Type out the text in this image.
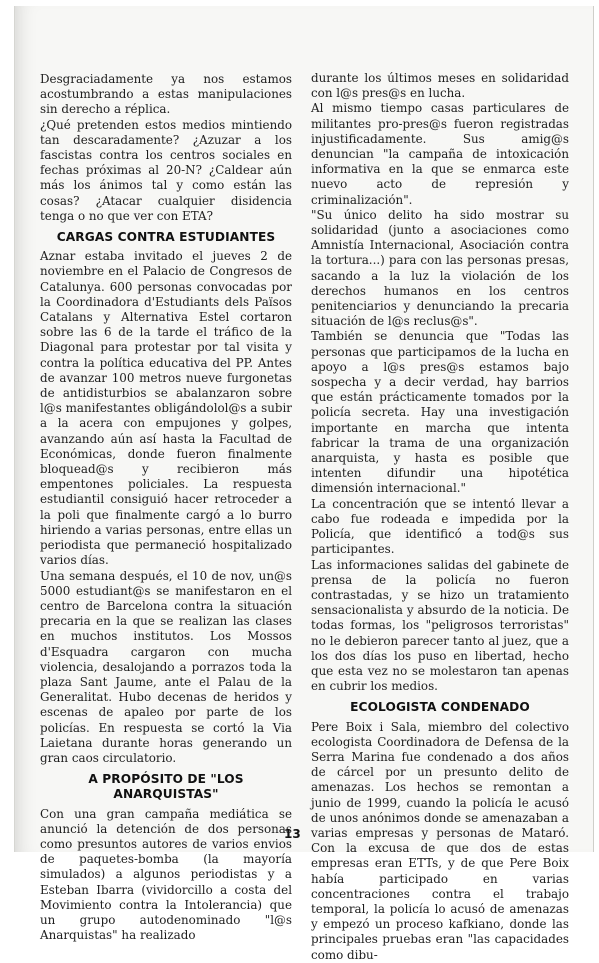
Desgraciadamente ya nos estamos acostumbrando a estas manipulaciones sin derecho a réplica.

¿Qué pretenden estos medios mintiendo tan descaradamente? ¿Azuzar a los fascistas contra los centros sociales en fechas próximas al 20-N? ¿Caldear aún más los ánimos tal y como están las cosas? ¿Atacar cualquier disidencia tenga o no que ver con ETA?

CARGAS CONTRA ESTUDIANTES

Aznar estaba invitado el jueves 2 de noviembre en el Palacio de Congresos de Catalunya. 600 personas convocadas por la Coordinadora d'Estudiants dels Països Catalans y Alternativa Estel cortaron sobre las 6 de la tarde el tráfico de la Diagonal para protestar por tal visita y contra la política educativa del PP. Antes de avanzar 100 metros nueve furgonetas de antidisturbios se abalanzaron sobre l@s manifestantes obligándolol@s a subir a la acera con empujones y golpes, avanzando aún así hasta la Facultad de Económicas, donde fueron finalmente bloquead@s y recibieron más empentones policiales. La respuesta estudiantil consiguió hacer retroceder a la poli que finalmente cargó a lo burro hiriendo a varias personas, entre ellas un periodista que permaneció hospitalizado varios días.

Una semana después, el 10 de nov, un@s 5000 estudiant@s se manifestaron en el centro de Barcelona contra la situación precaria en la que se realizan las clases en muchos institutos. Los Mossos d'Esquadra cargaron con mucha violencia, desalojando a porrazos toda la plaza Sant Jaume, ante el Palau de la Generalitat. Hubo decenas de heridos y escenas de apaleo por parte de los policías. En respuesta se cortó la Via Laietana durante horas generando un gran caos circulatorio.

A PROPÓSITO DE "LOS ANARQUISTAS"

Con una gran campaña mediática se anunció la detención de dos personas como presuntos autores de varios envios de paquetes-bomba (la mayoría simulados) a algunos periodistas y a Esteban Ibarra (vividorcillo a costa del Movimiento contra la Intolerancia) que un grupo autodenominado "l@s Anarquistas" ha realizado

durante los últimos meses en solidaridad con l@s pres@s en lucha.

Al mismo tiempo casas particulares de militantes pro-pres@s fueron registradas injustificadamente. Sus amig@s denuncian "la campaña de intoxicación informativa en la que se enmarca este nuevo acto de represión y criminalización".

"Su único delito ha sido mostrar su solidaridad (junto a asociaciones como Amnistía Internacional, Asociación contra la tortura...) para con las personas presas, sacando a la luz la violación de los derechos humanos en los centros penitenciarios y denunciando la precaria situación de l@s reclus@s".

También se denuncia que "Todas las personas que participamos de la lucha en apoyo a l@s pres@s estamos bajo sospecha y a decir verdad, hay barrios que están prácticamente tomados por la policía secreta. Hay una investigación importante en marcha que intenta fabricar la trama de una organización anarquista, y hasta es posible que intenten difundir una hipotética dimensión internacional."

La concentración que se intentó llevar a cabo fue rodeada e impedida por la Policía, que identificó a tod@s sus participantes.

Las informaciones salidas del gabinete de prensa de la policía no fueron contrastadas, y se hizo un tratamiento sensacionalista y absurdo de la noticia. De todas formas, los "peligrosos terroristas" no le debieron parecer tanto al juez, que a los dos días los puso en libertad, hecho que esta vez no se molestaron tan apenas en cubrir los medios.

ECOLOGISTA CONDENADO

Pere Boix i Sala, miembro del colectivo ecologista Coordinadora de Defensa de la Serra Marina fue condenado a dos años de cárcel por un presunto delito de amenazas. Los hechos se remontan a junio de 1999, cuando la policía le acusó de unos anónimos donde se amenazaban a varias empresas y personas de Mataró. Con la excusa de que dos de estas empresas eran ETTs, y de que Pere Boix había participado en varias concentraciones contra el trabajo temporal, la policía lo acusó de amenazas y empezó un proceso kafkiano, donde las principales pruebas eran "las capacidades como dibu-

13
